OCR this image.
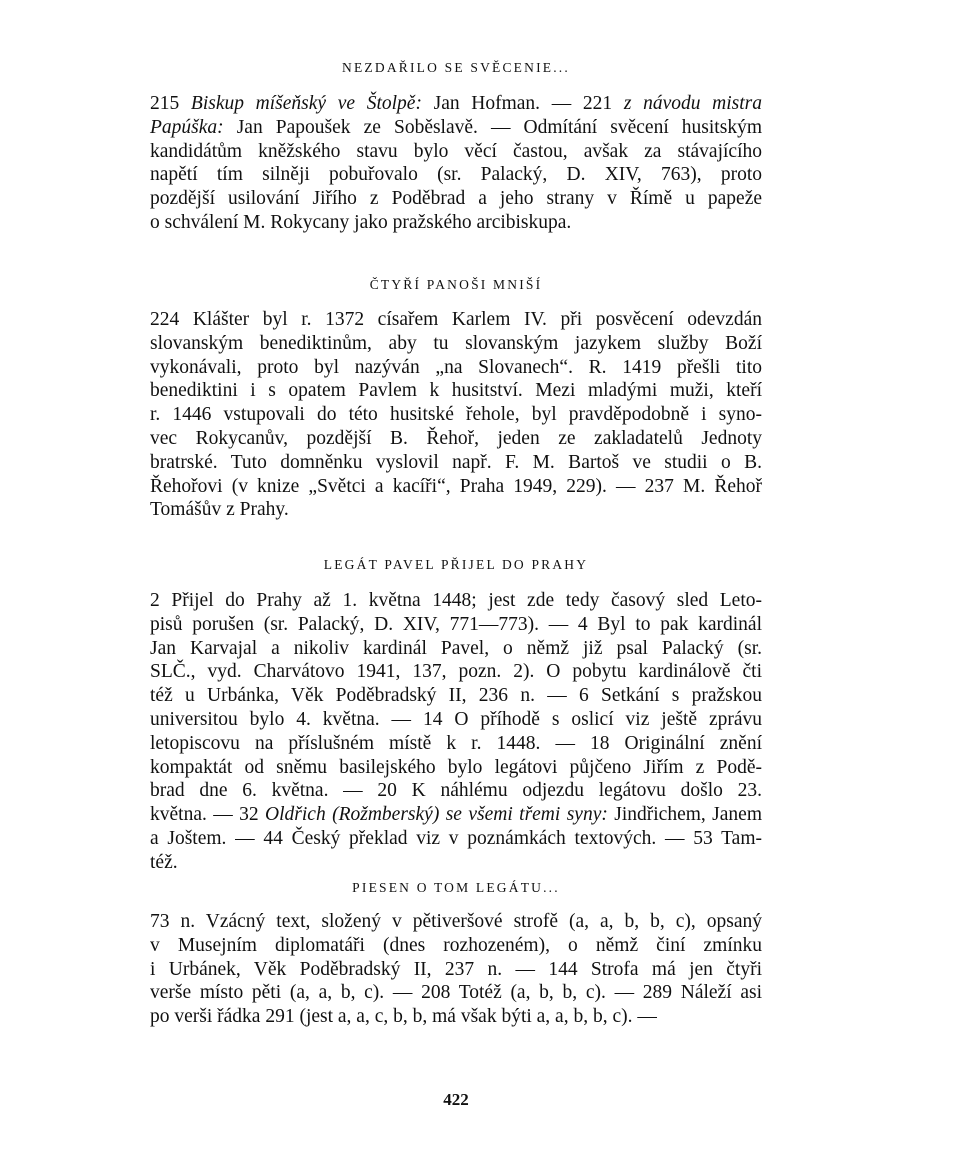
NEZDAŘILO SE SVĚCENIE...
215 Biskup míšeňský ve Štolpě: Jan Hofman. — 221 z návodu mistra
Papúška: Jan Papoušek ze Soběslavě. — Odmítání svěcení husitským
kandidátům kněžského stavu bylo věcí častou, avšak za stávajícího
napětí tím silněji pobuřovalo (sr. Palacký, D. XIV, 763), proto
pozdější usilování Jiřího z Poděbrad a jeho strany v Římě u papeže
o schválení M. Rokycany jako pražského arcibiskupa.
ČTYŘÍ PANOŠI MNIŠÍ
224 Klášter byl r. 1372 císařem Karlem IV. při posvěcení odevzdán
slovanským benediktinům, aby tu slovanským jazykem služby Boží
vykonávali, proto byl nazýván „na Slovanech“. R. 1419 přešli tito
benediktini i s opatem Pavlem k husitství. Mezi mladými muži, kteří
r. 1446 vstupovali do této husitské řehole, byl pravděpodobně i syno-
vec Rokycanův, pozdější B. Řehoř, jeden ze zakladatelů Jednoty
bratrské. Tuto domněnku vyslovil např. F. M. Bartoš ve studii o B.
Řehořovi (v knize „Světci a kacíři“, Praha 1949, 229). — 237 M. Řehoř
Tomášův z Prahy.
LEGÁT PAVEL PŘIJEL DO PRAHY
2 Přijel do Prahy až 1. května 1448; jest zde tedy časový sled Leto-
pisů porušen (sr. Palacký, D. XIV, 771—773). — 4 Byl to pak kardinál
Jan Karvajal a nikoliv kardinál Pavel, o němž již psal Palacký (sr.
SLČ., vyd. Charvátovo 1941, 137, pozn. 2). O pobytu kardinálově čti
též u Urbánka, Věk Poděbradský II, 236 n. — 6 Setkání s pražskou
universitou bylo 4. května. — 14 O příhodě s oslicí viz ještě zprávu
letopiscovu na příslušném místě k r. 1448. — 18 Originální znění
kompaktát od sněmu basilejského bylo legátovi půjčeno Jiřím z Podě-
brad dne 6. května. — 20 K náhlému odjezdu legátovu došlo 23.
května. — 32 Oldřich (Rožmberský) se všemi třemi syny: Jindřichem, Janem
a Joštem. — 44 Český překlad viz v poznámkách textových. — 53 Tam-
též.
PIESEN O TOM LEGÁTU...
73 n. Vzácný text, složený v pětiveršové strofě (a, a, b, b, c), opsaný
v Musejním diplomatáři (dnes rozhozeném), o němž činí zmínku
i Urbánek, Věk Poděbradský II, 237 n. — 144 Strofa má jen čtyři
verše místo pěti (a, a, b, c). — 208 Totéž (a, b, b, c). — 289 Náleží asi
po verši řádka 291 (jest a, a, c, b, b, má však býti a, a, b, b, c). —
422
